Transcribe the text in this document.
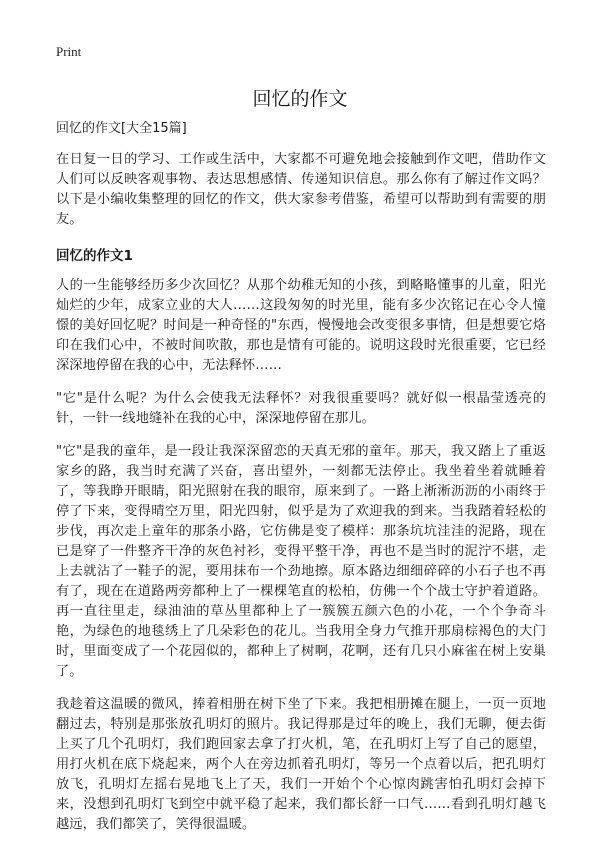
Print
回忆的作文
回忆的作文[大全15篇]

在日复一日的学习、工作或生活中，大家都不可避免地会接触到作文吧，借助作文人们可以反映客观事物、表达思想感情、传递知识信息。那么你有了解过作文吗？以下是小编收集整理的回忆的作文，供大家参考借鉴，希望可以帮助到有需要的朋友。

回忆的作文1

人的一生能够经历多少次回忆？从那个幼稚无知的小孩，到略略懂事的儿童，阳光灿烂的少年，成家立业的大人……这段匆匆的时光里，能有多少次铭记在心令人憧憬的美好回忆呢？时间是一种奇怪的"东西，慢慢地会改变很多事情，但是想要它烙印在我们心中，不被时间吹散，那也是情有可能的。说明这段时光很重要，它已经深深地停留在我的心中，无法释怀……

"它"是什么呢？为什么会使我无法释怀？对我很重要吗？就好似一根晶莹透亮的针，一针一线地缝补在我的心中，深深地停留在那儿。

"它"是我的童年，是一段让我深深留恋的天真无邪的童年。那天，我又踏上了重返家乡的路，我当时充满了兴奋，喜出望外，一刻都无法停止。我坐着坐着就睡着了，等我睁开眼睛，阳光照射在我的眼帘，原来到了。一路上淅淅沥沥的小雨终于停了下来，变得晴空万里，阳光四射，似乎是为了欢迎我的到来。当我踏着轻松的步伐，再次走上童年的那条小路，它仿佛是变了模样：那条坑坑洼洼的泥路，现在已是穿了一件整齐干净的灰色衬衫，变得平整干净，再也不是当时的泥泞不堪，走上去就沾了一鞋子的泥，要用抹布一个劲地擦。原本路边细细碎碎的小石子也不再有了，现在在道路两旁都种上了一棵棵笔直的松柏，仿佛一个个战士守护着道路。再一直往里走，绿油油的草丛里都种上了一簇簇五颜六色的小花，一个个争奇斗艳，为绿色的地毯绣上了几朵彩色的花儿。当我用全身力气推开那扇棕褐色的大门时，里面变成了一个花园似的，都种上了树啊，花啊，还有几只小麻雀在树上安巢了。

我趁着这温暖的微风，捧着相册在树下坐了下来。我把相册摊在腿上，一页一页地翻过去，特别是那张放孔明灯的照片。我记得那是过年的晚上，我们无聊，便去街上买了几个孔明灯，我们跑回家去拿了打火机，笔，在孔明灯上写了自己的愿望，用打火机在底下烧起来，两个人在旁边抓着孔明灯，等另一个点着以后，把孔明灯放飞，孔明灯左摇右晃地飞上了天，我们一开始个个心惊肉跳害怕孔明灯会掉下来，没想到孔明灯飞到空中就平稳了起来，我们都长舒一口气……看到孔明灯越飞越远，我们都笑了，笑得很温暖。
